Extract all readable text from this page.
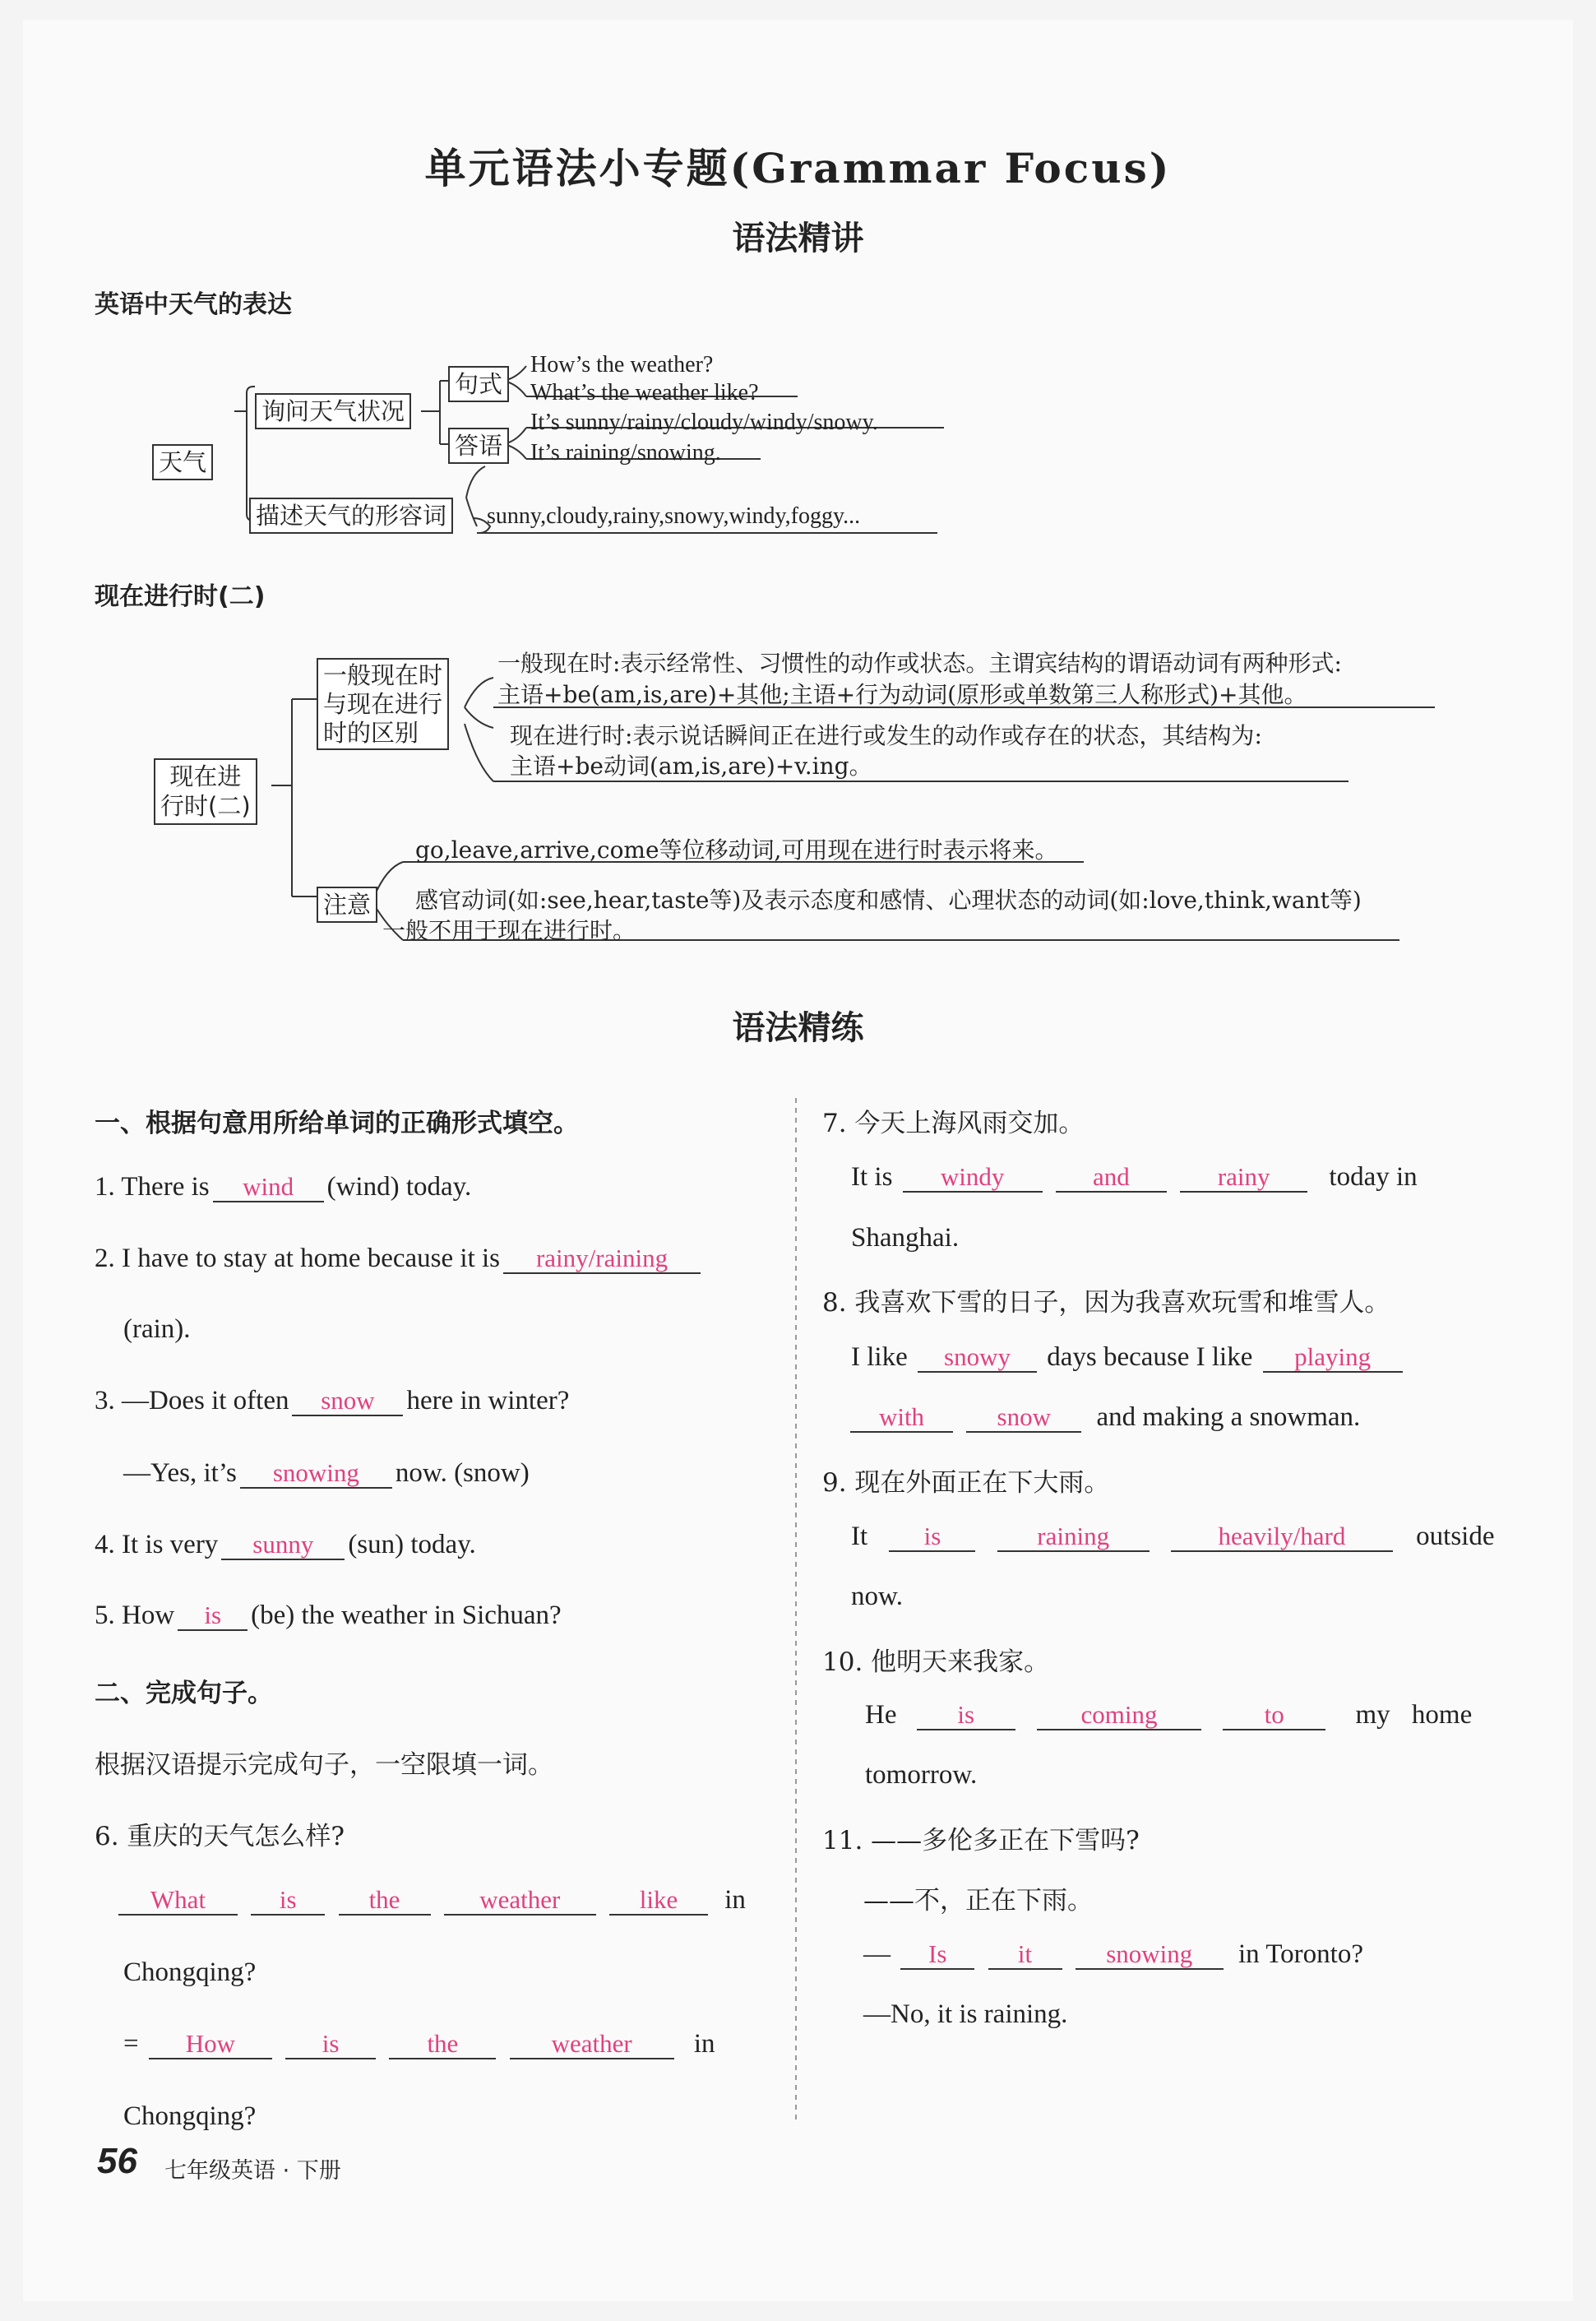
单元语法小专题(Grammar Focus)
语法精讲
英语中天气的表达
天气
询问天气状况
句式
答语
描述天气的形容词
How’s the weather?
What’s the weather like?
It’s sunny/rainy/cloudy/windy/snowy.
It’s raining/snowing.
sunny,cloudy,rainy,snowy,windy,foggy...
现在进行时(二)
现在进
行时(二)
一般现在时
与现在进行
时的区别
注意
一般现在时:表示经常性、习惯性的动作或状态。主谓宾结构的谓语动词有两种形式:
主语+be(am,is,are)+其他;主语+行为动词(原形或单数第三人称形式)+其他。
现在进行时:表示说话瞬间正在进行或发生的动作或存在的状态，其结构为:
主语+be动词(am,is,are)+v.ing。
go,leave,arrive,come等位移动词,可用现在进行时表示将来。
感官动词(如:see,hear,taste等)及表示态度和感情、心理状态的动词(如:love,think,want等)
一般不用于现在进行时。
语法精练
一、根据句意用所给单词的正确形式填空。
1. There is wind (wind) today.
2. I have to stay at home because it is rainy/raining
(rain).
3. —Does it often snow here in winter?
—Yes, it’s snowing now. (snow)
4. It is very sunny (sun) today.
5. How is (be) the weather in Sichuan?
二、完成句子。
根据汉语提示完成句子，一空限填一词。
6. 重庆的天气怎么样?
What	is	the	weather	like in
Chongqing?
= How	is	the	weather in
Chongqing?
7. 今天上海风雨交加。
It is windy	and	rainy today in
Shanghai.
8. 我喜欢下雪的日子，因为我喜欢玩雪和堆雪人。
I like snowy days because I like playing
with	snow and making a snowman.
9. 现在外面正在下大雨。
It is	raining	heavily/hard	outside
now.
10. 他明天来我家。
He is	coming	to	my home
tomorrow.
11. ——多伦多正在下雪吗?
——不，正在下雨。
— Is	it	snowing in Toronto?
—No, it is raining.
56 七年级英语 · 下册
